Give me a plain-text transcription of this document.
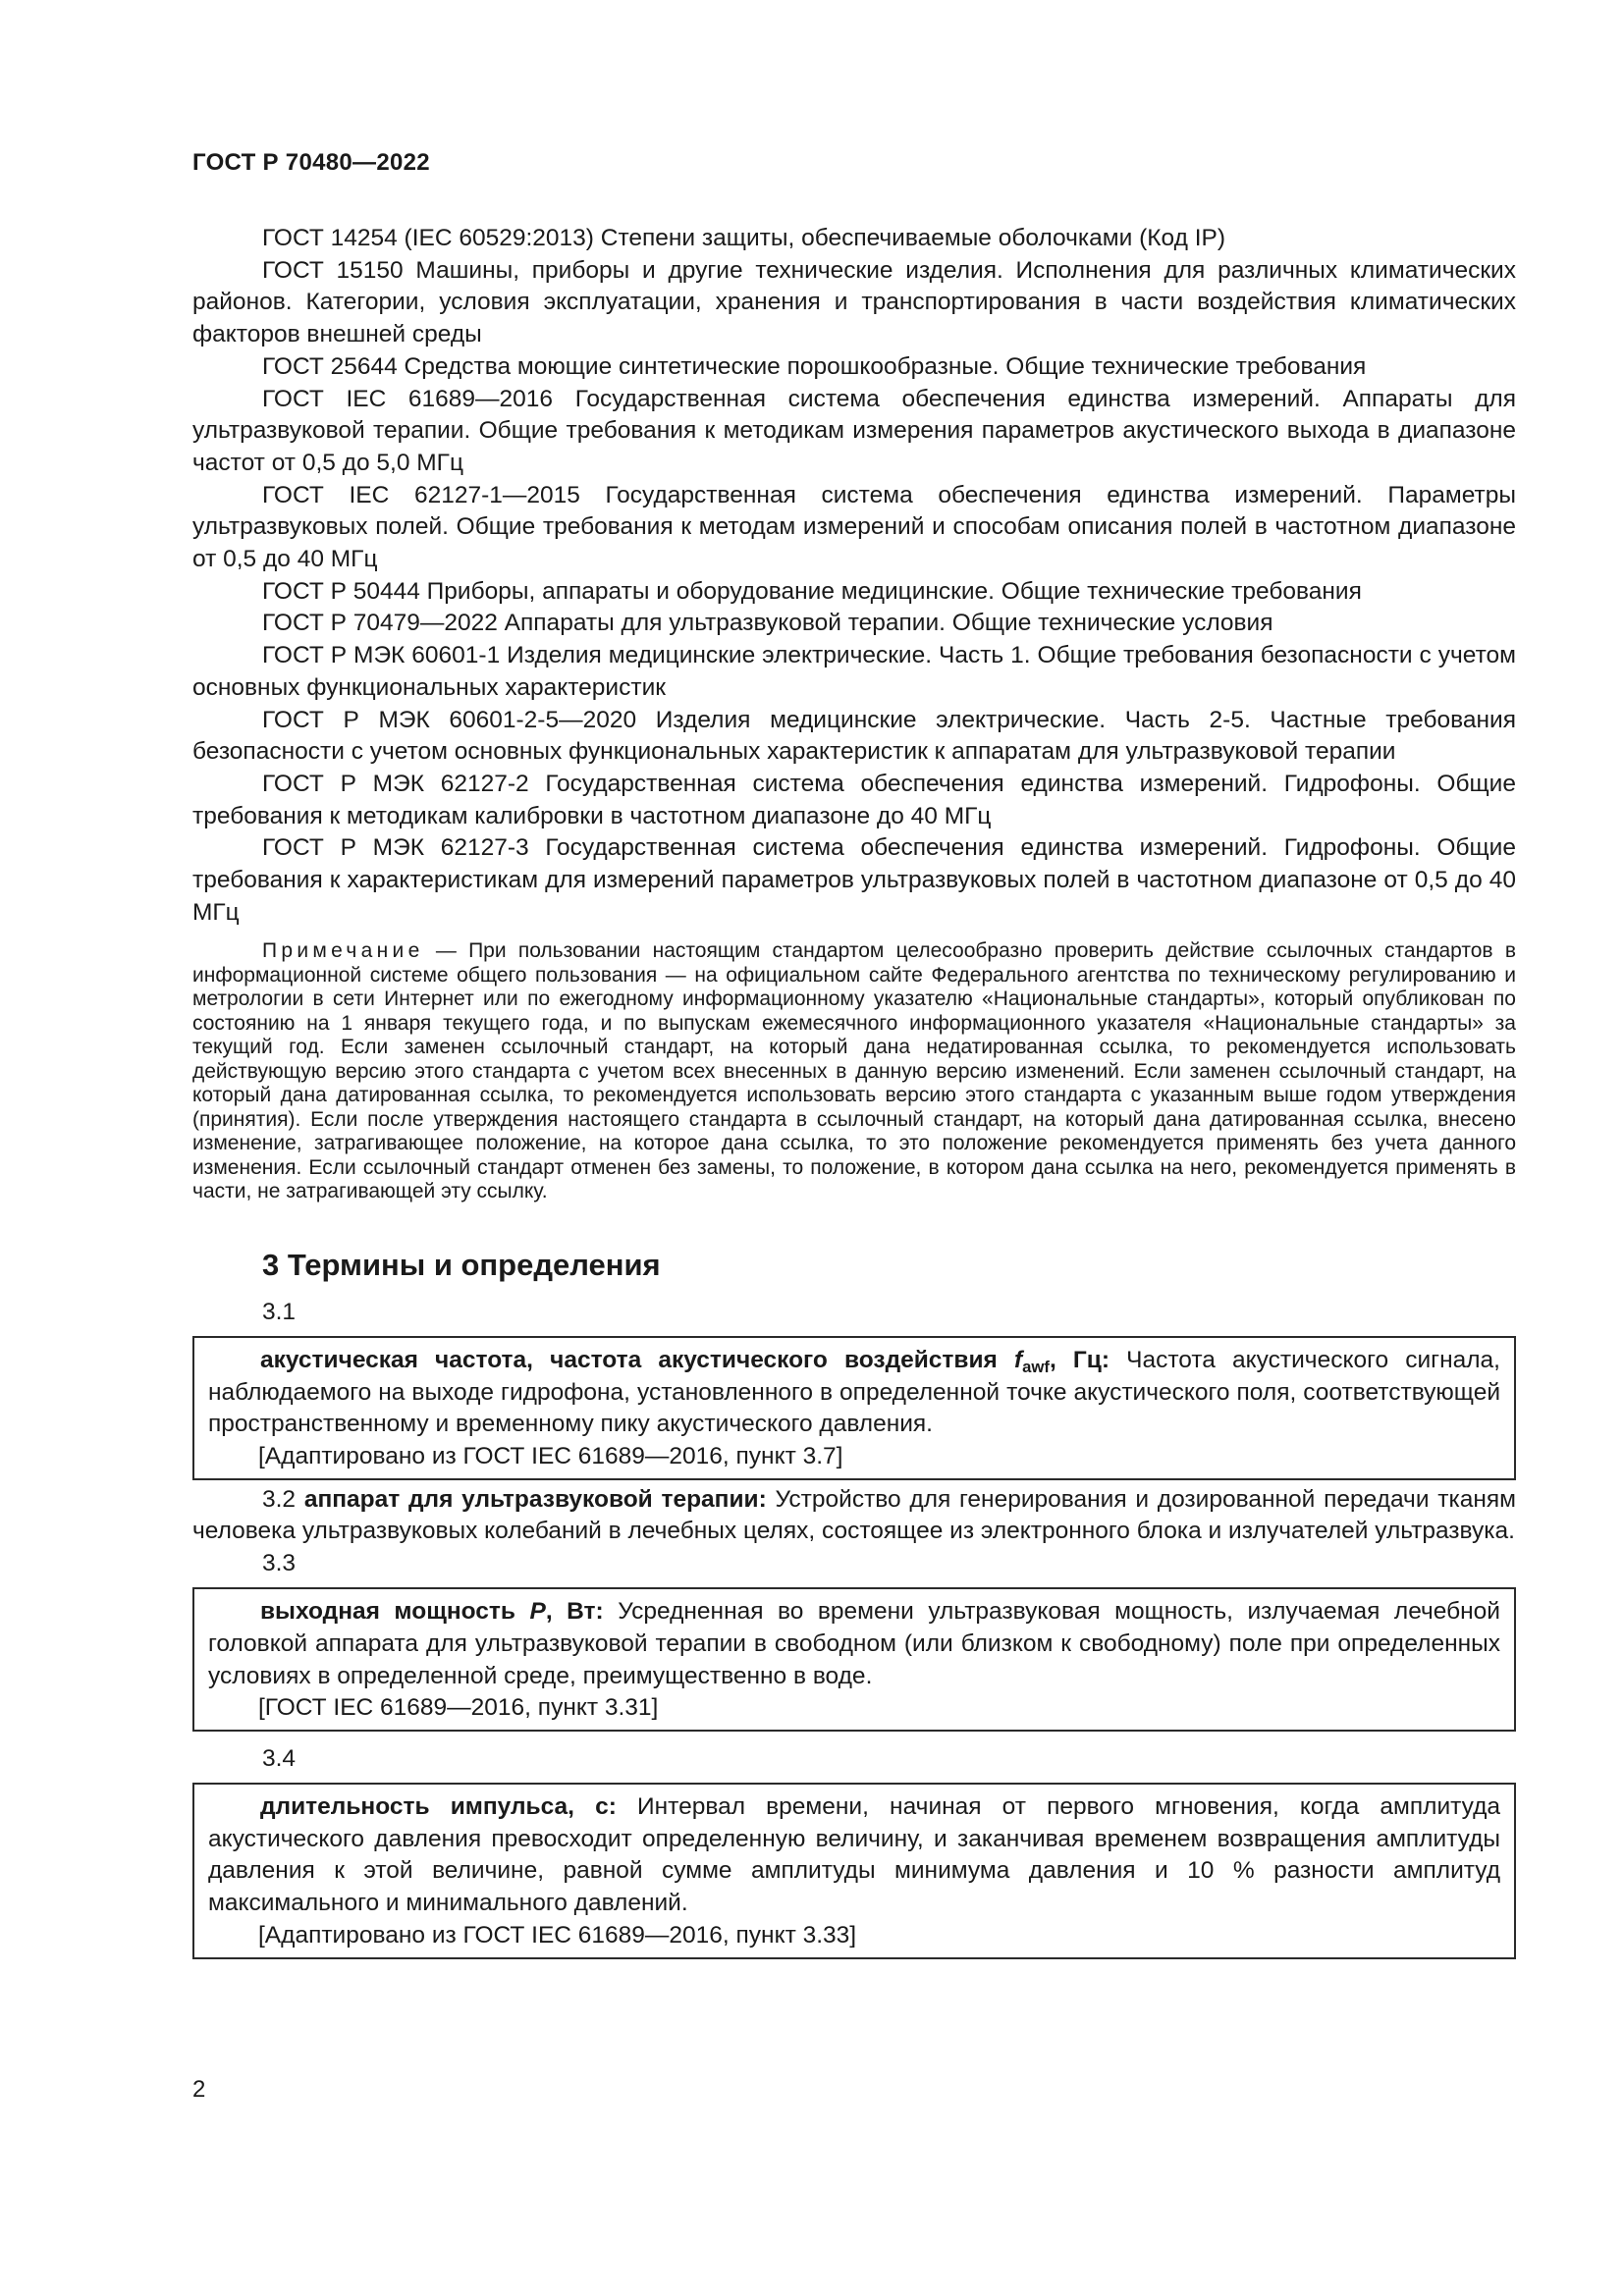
ГОСТ Р 70480—2022

ГОСТ 14254 (IEC 60529:2013) Степени защиты, обеспечиваемые оболочками (Код IP)

ГОСТ 15150 Машины, приборы и другие технические изделия. Исполнения для различных климатических районов. Категории, условия эксплуатации, хранения и транспортирования в части воздействия климатических факторов внешней среды

ГОСТ 25644 Средства моющие синтетические порошкообразные. Общие технические требования

ГОСТ IEC 61689—2016 Государственная система обеспечения единства измерений. Аппараты для ультразвуковой терапии. Общие требования к методикам измерения параметров акустического выхода в диапазоне частот от 0,5 до 5,0 МГц

ГОСТ IEC 62127-1—2015 Государственная система обеспечения единства измерений. Параметры ультразвуковых полей. Общие требования к методам измерений и способам описания полей в частотном диапазоне от 0,5 до 40 МГц

ГОСТ Р 50444 Приборы, аппараты и оборудование медицинские. Общие технические требования

ГОСТ Р 70479—2022 Аппараты для ультразвуковой терапии. Общие технические условия

ГОСТ Р МЭК 60601-1 Изделия медицинские электрические. Часть 1. Общие требования безопасности с учетом основных функциональных характеристик

ГОСТ Р МЭК 60601-2-5—2020 Изделия медицинские электрические. Часть 2-5. Частные требования безопасности с учетом основных функциональных характеристик к аппаратам для ультразвуковой терапии

ГОСТ Р МЭК 62127-2 Государственная система обеспечения единства измерений. Гидрофоны. Общие требования к методикам калибровки в частотном диапазоне до 40 МГц

ГОСТ Р МЭК 62127-3 Государственная система обеспечения единства измерений. Гидрофоны. Общие требования к характеристикам для измерений параметров ультразвуковых полей в частотном диапазоне от 0,5 до 40 МГц

Примечание — При пользовании настоящим стандартом целесообразно проверить действие ссылочных стандартов в информационной системе общего пользования — на официальном сайте Федерального агентства по техническому регулированию и метрологии в сети Интернет или по ежегодному информационному указателю «Национальные стандарты», который опубликован по состоянию на 1 января текущего года, и по выпускам ежемесячного информационного указателя «Национальные стандарты» за текущий год. Если заменен ссылочный стандарт, на который дана недатированная ссылка, то рекомендуется использовать действующую версию этого стандарта с учетом всех внесенных в данную версию изменений. Если заменен ссылочный стандарт, на который дана датированная ссылка, то рекомендуется использовать версию этого стандарта с указанным выше годом утверждения (принятия). Если после утверждения настоящего стандарта в ссылочный стандарт, на который дана датированная ссылка, внесено изменение, затрагивающее положение, на которое дана ссылка, то это положение рекомендуется применять без учета данного изменения. Если ссылочный стандарт отменен без замены, то положение, в котором дана ссылка на него, рекомендуется применять в части, не затрагивающей эту ссылку.

3 Термины и определения
3.1

акустическая частота, частота акустического воздействия $f_{awf}$, Гц: Частота акустического сигнала, наблюдаемого на выходе гидрофона, установленного в определенной точке акустического поля, соответствующей пространственному и временному пику акустического давления.

[Адаптировано из ГОСТ IEC 61689—2016, пункт 3.7]

3.2 аппарат для ультразвуковой терапии: Устройство для генерирования и дозированной передачи тканям человека ультразвуковых колебаний в лечебных целях, состоящее из электронного блока и излучателей ультразвука.

3.3

выходная мощность P, Вт: Усредненная во времени ультразвуковая мощность, излучаемая лечебной головкой аппарата для ультразвуковой терапии в свободном (или близком к свободному) поле при определенных условиях в определенной среде, преимущественно в воде.

[ГОСТ IEC 61689—2016, пункт 3.31]
3.4

длительность импульса, с: Интервал времени, начиная от первого мгновения, когда амплитуда акустического давления превосходит определенную величину, и заканчивая временем возвращения амплитуды давления к этой величине, равной сумме амплитуды минимума давления и 10 % разности амплитуд максимального и минимального давлений.

[Адаптировано из ГОСТ IEC 61689—2016, пункт 3.33]
2
